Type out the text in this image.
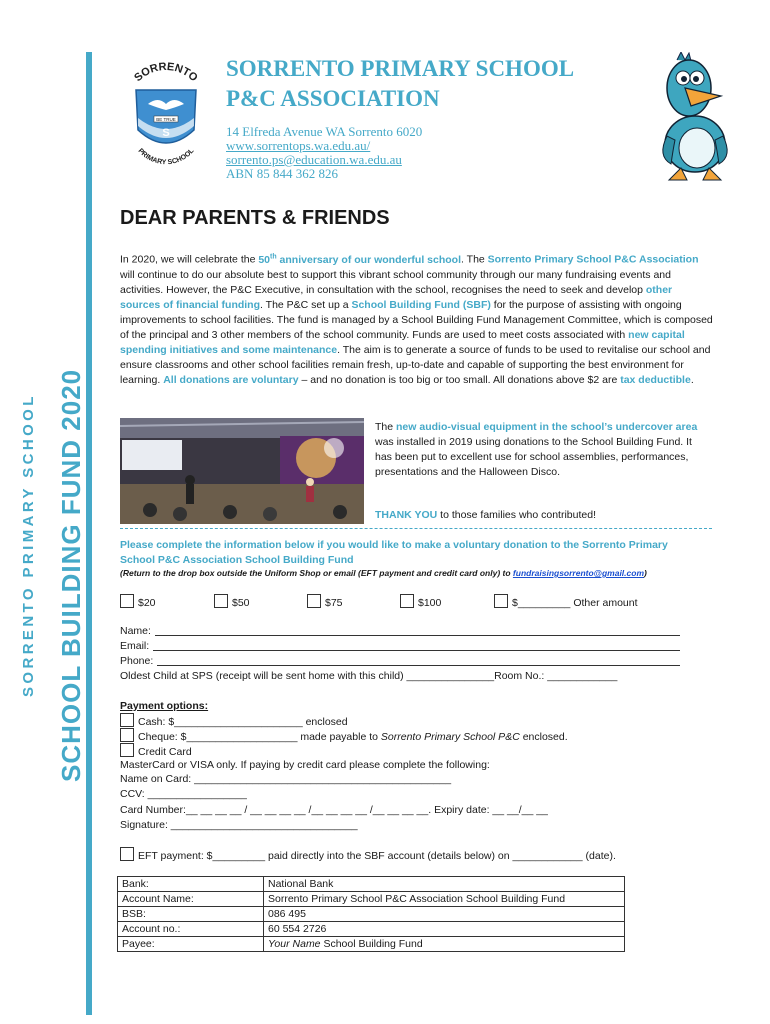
SCHOOL BUILDING FUND 2020
SORRENTO PRIMARY SCHOOL
SORRENTO
BE TRUE
S
PRIMARY SCHOOL
SORRENTO PRIMARY SCHOOL
P&C ASSOCIATION
14 Elfreda Avenue WA Sorrento 6020
www.sorrentops.wa.edu.au/
sorrento.ps@education.wa.edu.au
ABN 85 844 362 826
DEAR PARENTS & FRIENDS
In 2020, we will celebrate the 50th anniversary of our wonderful school. The Sorrento Primary School P&C Association will continue to do our absolute best to support this vibrant school community through our many fundraising events and activities. However, the P&C Executive, in consultation with the school, recognises the need to seek and develop other sources of financial funding. The P&C set up a School Building Fund (SBF) for the purpose of assisting with ongoing improvements to school facilities. The fund is managed by a School Building Fund Management Committee, which is composed of the principal and 3 other members of the school community. Funds are used to meet costs associated with new capital spending initiatives and some maintenance. The aim is to generate a source of funds to be used to revitalise our school and ensure classrooms and other school facilities remain fresh, up-to-date and capable of supporting the best environment for learning. All donations are voluntary – and no donation is too big or too small. All donations above $2 are tax deductible.
The new audio-visual equipment in the school’s undercover area was installed in 2019 using donations to the School Building Fund. It has been put to excellent use for school assemblies, performances, presentations and the Halloween Disco.
THANK YOU to those families who contributed!
Please complete the information below if you would like to make a voluntary donation to the Sorrento Primary School P&C Association School Building Fund
(Return to the drop box outside the Uniform Shop or email (EFT payment and credit card only) to fundraisingsorrento@gmail.com)
$20	$50	$75	$100	$_________ Other amount
Name:
Email:
Phone:
Oldest Child at SPS (receipt will be sent home with this child) _______________Room No.: ____________
Payment options:
Cash: $______________________ enclosed
Cheque: $___________________ made payable to Sorrento Primary School P&C enclosed.
Credit Card
MasterCard or VISA only. If paying by credit card please complete the following:
Name on Card: ____________________________________________
CCV: _________________
Card Number:__ __ __ __ / __ __ __ __ /__ __ __ __ /__ __ __ __. Expiry date: __ __/__ __
Signature: ________________________________
EFT payment: $_________ paid directly into the SBF account (details below) on ____________ (date).
Bank:	National Bank
Account Name:	Sorrento Primary School P&C Association School Building Fund
BSB:	086 495
Account no.:	60 554 2726
Payee:	Your Name School Building Fund
